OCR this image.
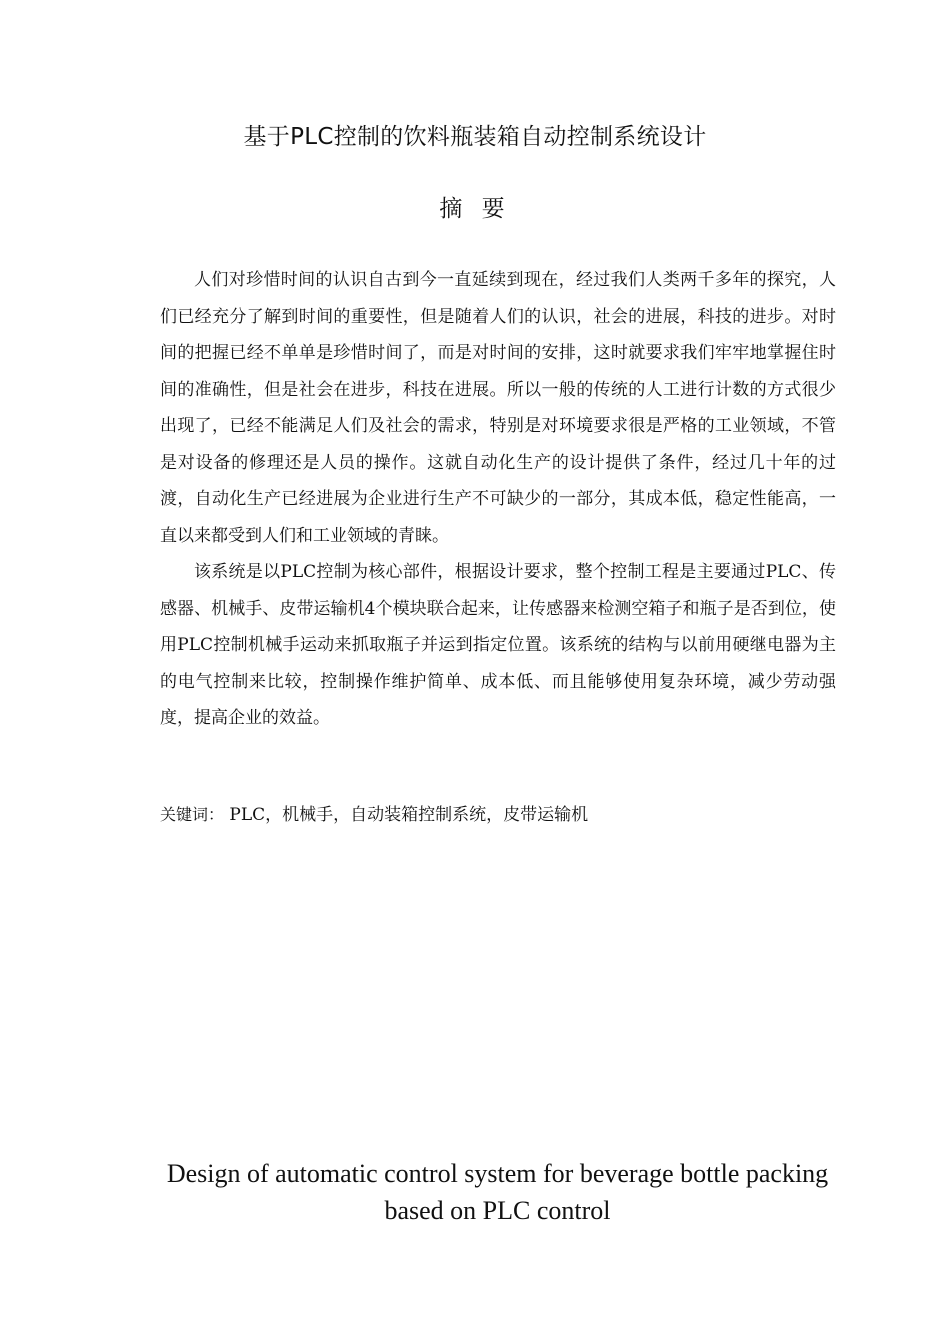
基于PLC控制的饮料瓶装箱自动控制系统设计
摘 要

人们对珍惜时间的认识自古到今一直延续到现在，经过我们人类两千多年的探究，人们已经充分了解到时间的重要性，但是随着人们的认识，社会的进展，科技的进步。对时间的把握已经不单单是珍惜时间了，而是对时间的安排，这时就要求我们牢牢地掌握住时间的准确性，但是社会在进步，科技在进展。所以一般的传统的人工进行计数的方式很少出现了，已经不能满足人们及社会的需求，特别是对环境要求很是严格的工业领域，不管是对设备的修理还是人员的操作。这就自动化生产的设计提供了条件，经过几十年的过渡，自动化生产已经进展为企业进行生产不可缺少的一部分，其成本低，稳定性能高，一直以来都受到人们和工业领域的青睐。

该系统是以PLC控制为核心部件，根据设计要求，整个控制工程是主要通过PLC、传感器、机械手、皮带运输机4个模块联合起来，让传感器来检测空箱子和瓶子是否到位，使用PLC控制机械手运动来抓取瓶子并运到指定位置。该系统的结构与以前用硬继电器为主的电气控制来比较，控制操作维护简单、成本低、而且能够使用复杂环境，减少劳动强度，提高企业的效益。

关键词： PLC，机械手，自动装箱控制系统，皮带运输机
Design of automatic control system for beverage bottle packing based on PLC control
